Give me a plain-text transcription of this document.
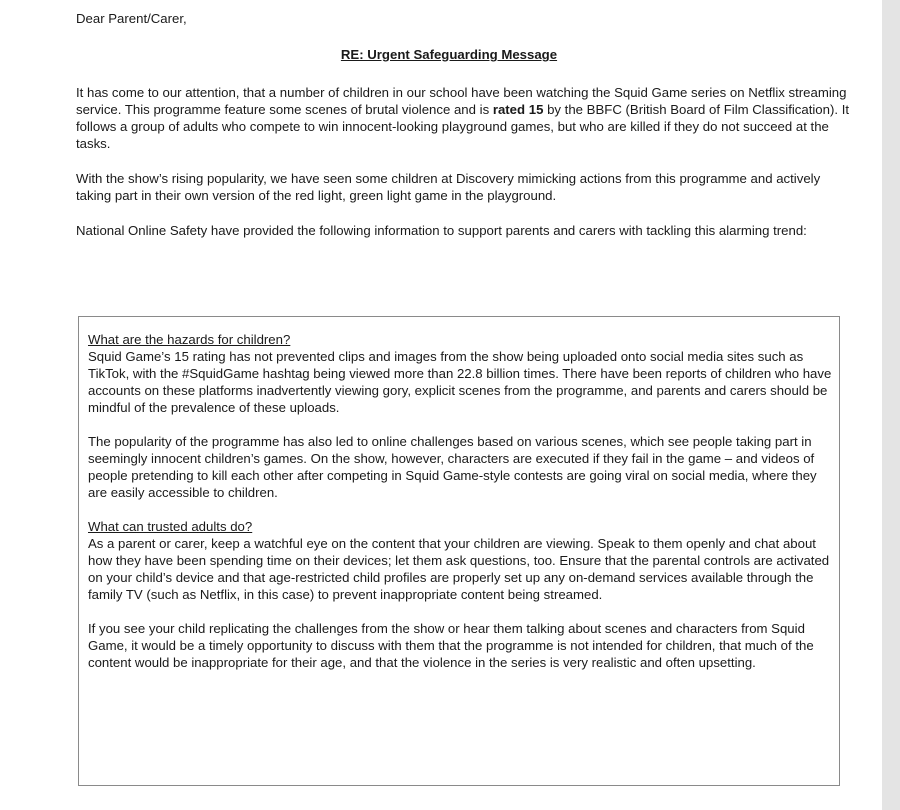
Dear Parent/Carer,

RE: Urgent Safeguarding Message

It has come to our attention, that a number of children in our school have been watching the Squid Game series on Netflix streaming service. This programme feature some scenes of brutal violence and is rated 15 by the BBFC (British Board of Film Classification). It follows a group of adults who compete to win innocent-looking playground games, but who are killed if they do not succeed at the tasks.

With the show’s rising popularity, we have seen some children at Discovery mimicking actions from this programme and actively taking part in their own version of the red light, green light game in the playground.

National Online Safety have provided the following information to support parents and carers with tackling this alarming trend:

What are the hazards for children?

Squid Game’s 15 rating has not prevented clips and images from the show being uploaded onto social media sites such as TikTok, with the #SquidGame hashtag being viewed more than 22.8 billion times. There have been reports of children who have accounts on these platforms inadvertently viewing gory, explicit scenes from the programme, and parents and carers should be mindful of the prevalence of these uploads.

The popularity of the programme has also led to online challenges based on various scenes, which see people taking part in seemingly innocent children’s games. On the show, however, characters are executed if they fail in the game – and videos of people pretending to kill each other after competing in Squid Game-style contests are going viral on social media, where they are easily accessible to children.

What can trusted adults do?

As a parent or carer, keep a watchful eye on the content that your children are viewing. Speak to them openly and chat about how they have been spending time on their devices; let them ask questions, too. Ensure that the parental controls are activated on your child’s device and that age-restricted child profiles are properly set up any on-demand services available through the family TV (such as Netflix, in this case) to prevent inappropriate content being streamed.

If you see your child replicating the challenges from the show or hear them talking about scenes and characters from Squid Game, it would be a timely opportunity to discuss with them that the programme is not intended for children, that much of the content would be inappropriate for their age, and that the violence in the series is very realistic and often upsetting.
